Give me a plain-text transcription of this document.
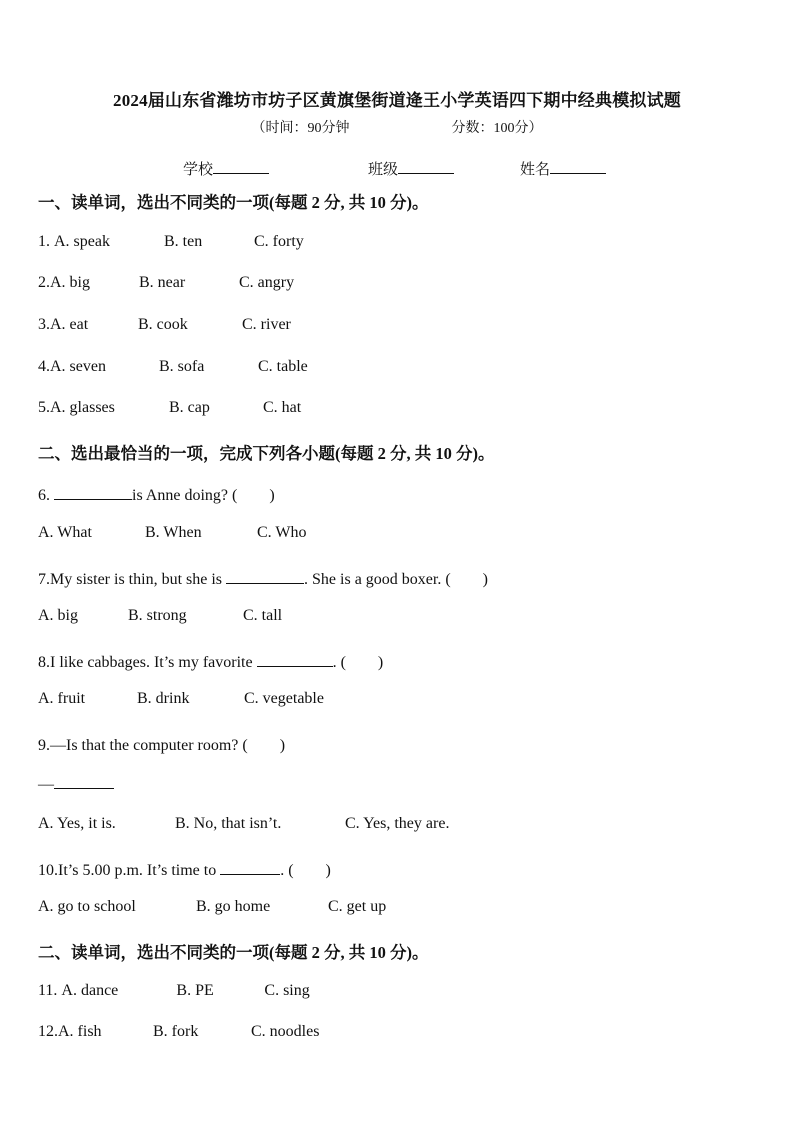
2024届山东省潍坊市坊子区黄旗堡街道逄王小学英语四下期中经典模拟试题
（时间：90分钟	分数：100分）
学校	班级	姓名
一、读单词，选出不同类的一项(每题 2 分, 共 10 分)。
1. A. speak	B. ten	C. forty
2.A. big	B. near	C. angry
3.A. eat	B. cook	C. river
4.A. seven	B. sofa	C. table
5.A. glasses	B. cap	C. hat
二、选出最恰当的一项，完成下列各小题(每题 2 分, 共 10 分)。
6.	is Anne doing? (　　)
A. What	B. When	C. Who
7.My sister is thin, but she is	. She is a good boxer. (　　)
A. big	B. strong	C. tall
8.I like cabbages. It’s my favorite	. (　　)
A. fruit	B. drink	C. vegetable
9.—Is that the computer room? (　　)
—
A. Yes, it is.	B. No, that isn’t.	C. Yes, they are.
10.It’s 5.00 p.m. It’s time to	. (　　)
A. go to school	B. go home	C. get up
二、读单词，选出不同类的一项(每题 2 分, 共 10 分)。
11. A. dance	B. PE	C. sing
12.A. fish	B. fork	C. noodles
